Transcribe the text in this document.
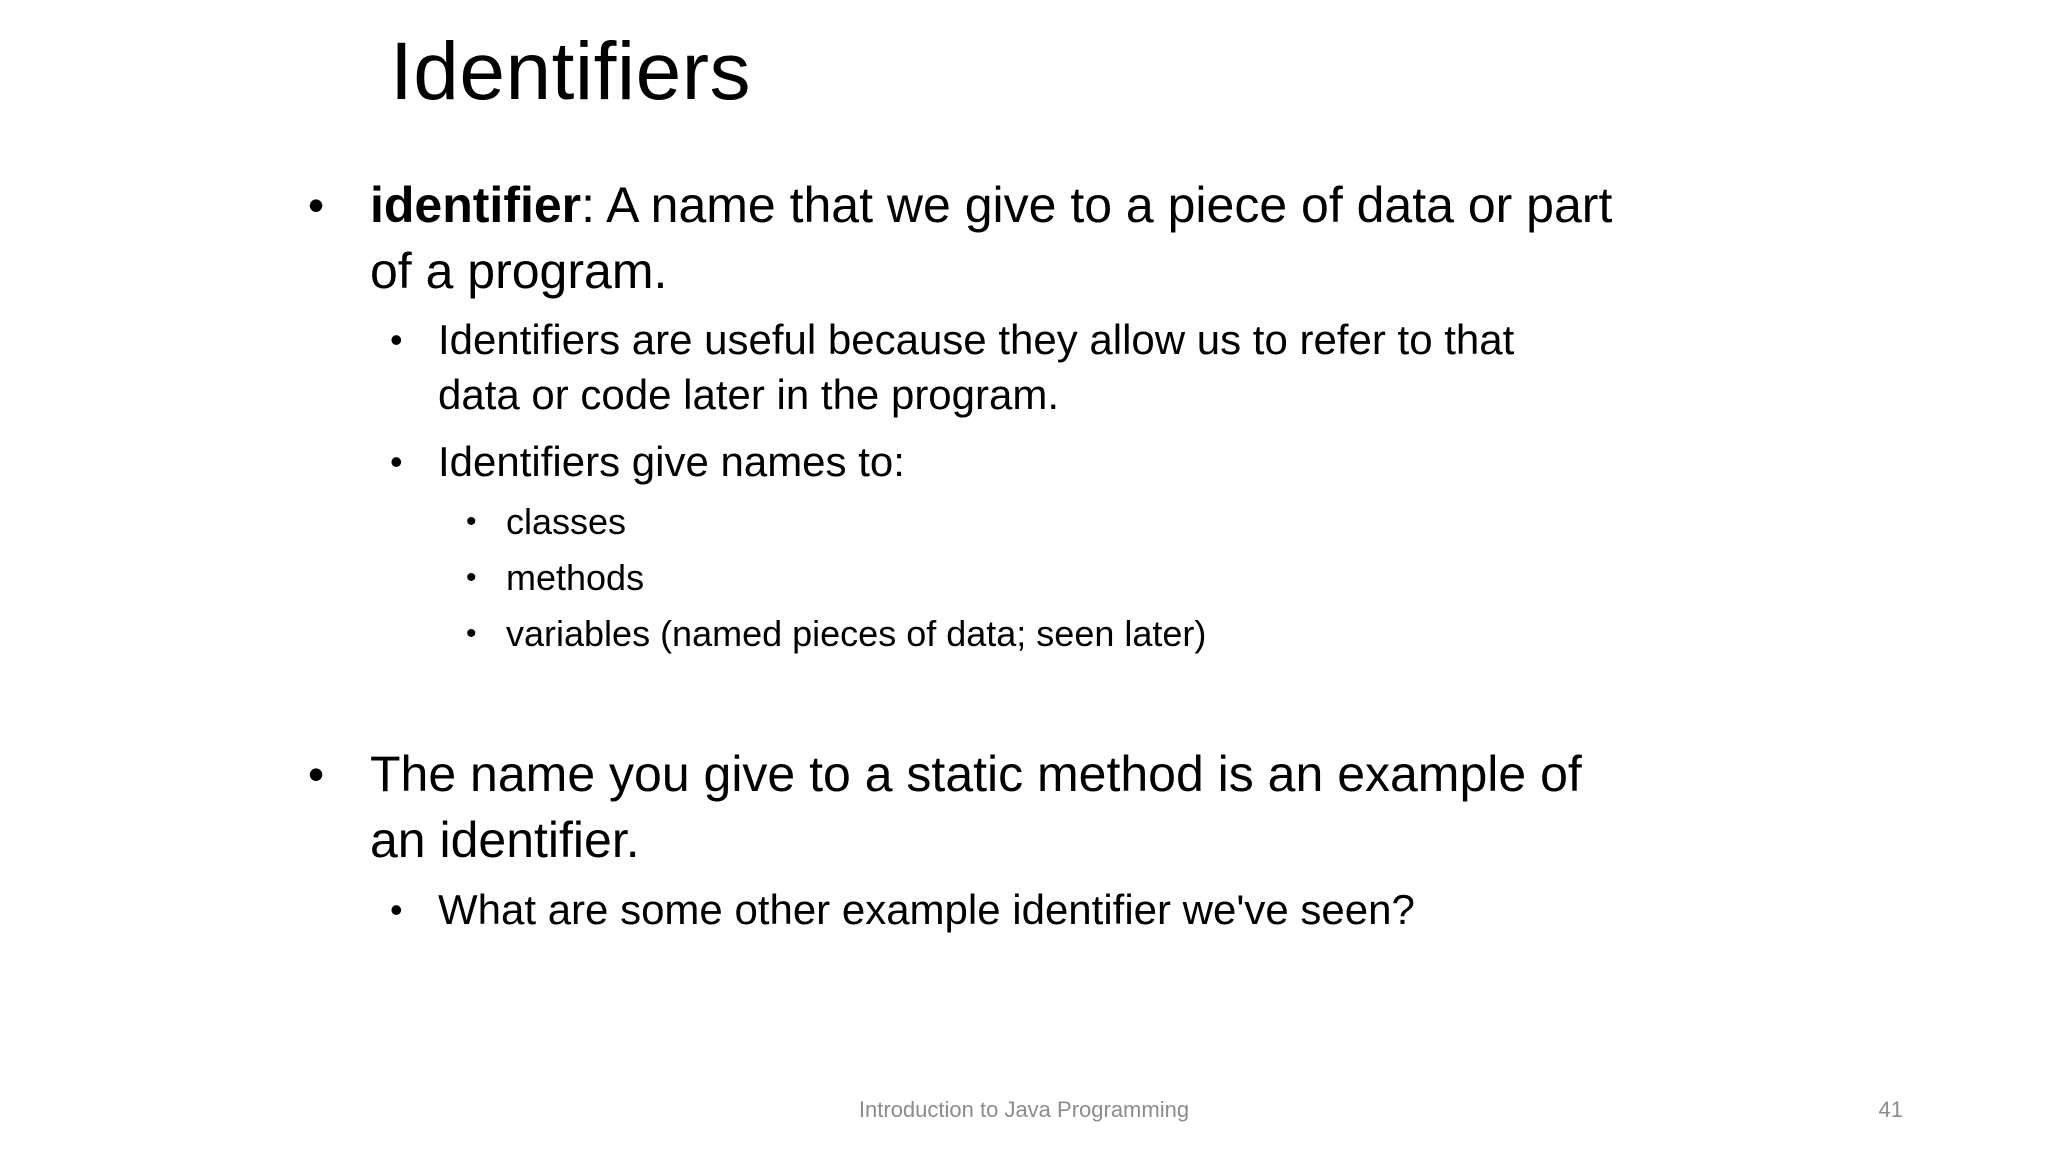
Identifiers
• identifier: A name that we give to a piece of data or part
of a program.
• Identifiers are useful because they allow us to refer to that
data or code later in the program.
• Identifiers give names to:
• classes
• methods
• variables (named pieces of data; seen later)
• The name you give to a static method is an example of
an identifier.
• What are some other example identifier we've seen?
Introduction to Java Programming	41
